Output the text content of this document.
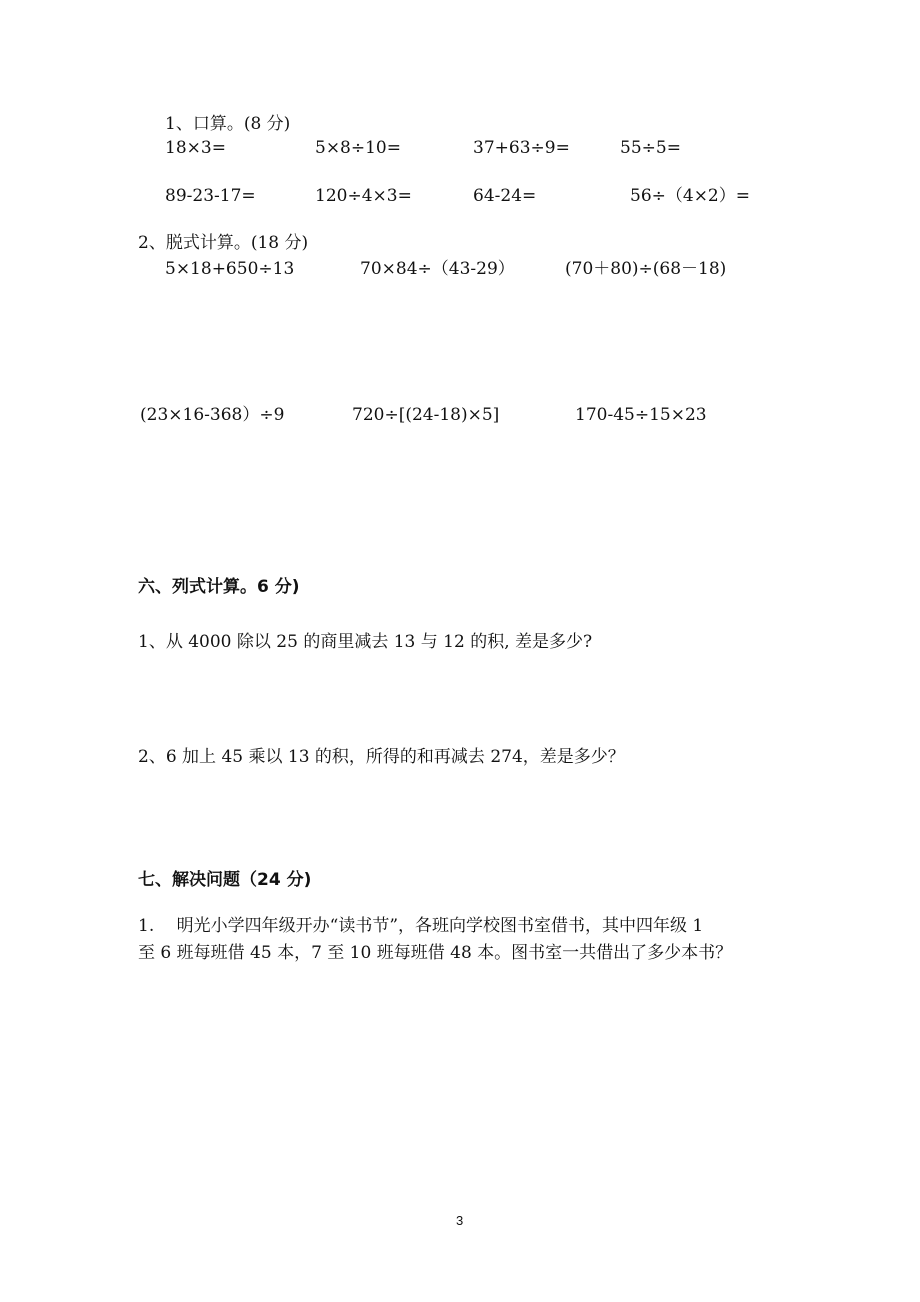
1、口算。(8 分)
18×3=	5×8÷10=	37+63÷9=	55÷5=
89-23-17=	120÷4×3=	64-24=	56÷（4×2）=
2、脱式计算。(18 分)
5×18+650÷13	70×84÷（43-29）	(70＋80)÷(68－18)
(23×16-368）÷9	720÷[(24-18)×5]	170-45÷15×23
六、列式计算。6 分)
1、从 4000 除以 25 的商里减去 13 与 12 的积, 差是多少?
2、6 加上 45 乘以 13 的积，所得的和再减去 274，差是多少？
七、解决问题（24 分)
1.　 明光小学四年级开办“读书节”，各班向学校图书室借书，其中四年级 1
至 6 班每班借 45 本，7 至 10 班每班借 48 本。图书室一共借出了多少本书？
3
